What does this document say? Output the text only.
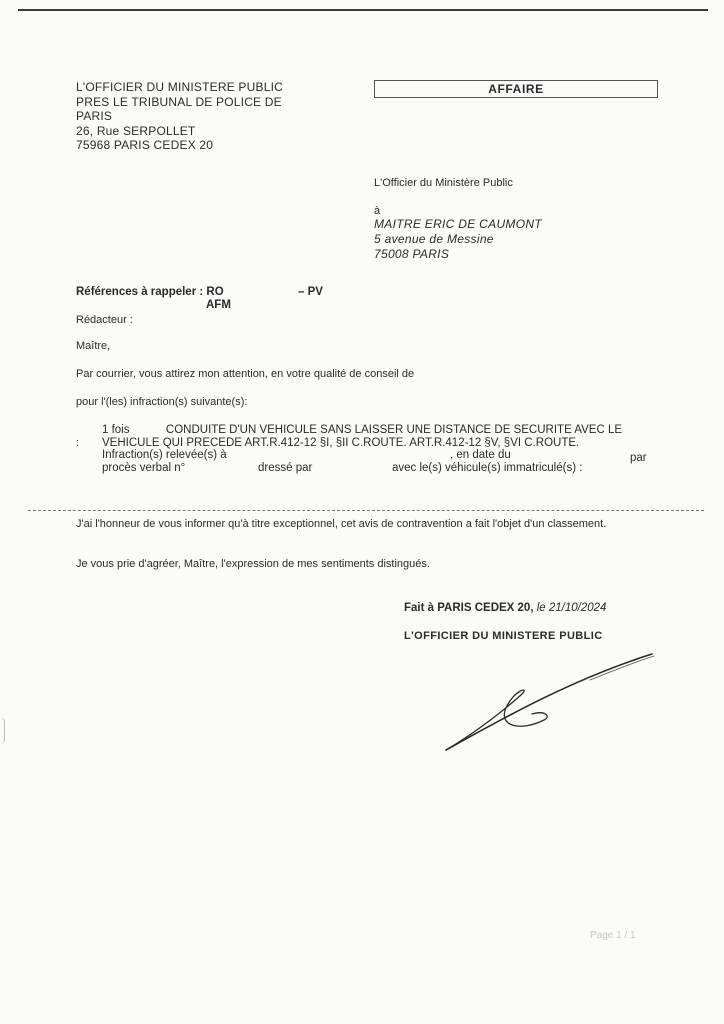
L'OFFICIER DU MINISTERE PUBLIC
PRES LE TRIBUNAL DE POLICE DE
PARIS
26, Rue SERPOLLET
75968 PARIS CEDEX 20
AFFAIRE
L'Officier du Ministère Public
à
MAITRE ERIC DE CAUMONT
5 avenue de Messine
75008 PARIS
Références à rappeler : RO	– PV
AFM
Rédacteur :
Maître,
Par courrier, vous attirez mon attention, en votre qualité de conseil de
pour l'(les) infraction(s) suivante(s):
:
1 fois	CONDUITE D'UN VEHICULE SANS LAISSER UNE DISTANCE DE SECURITE AVEC LE
VEHICULE QUI PRECEDE ART.R.412-12 §I, §II C.ROUTE. ART.R.412-12 §V, §VI C.ROUTE.
Infraction(s) relevée(s) à	, en date du	par
procès verbal n°	dressé par	avec le(s) véhicule(s) immatriculé(s) :
J'ai l'honneur de vous informer qu'à titre exceptionnel, cet avis de contravention a fait l'objet d'un classement.
Je vous prie d'agréer, Maître, l'expression de mes sentiments distingués.
Fait à PARIS CEDEX 20, le 21/10/2024
L'OFFICIER DU MINISTERE PUBLIC
Page 1 / 1
